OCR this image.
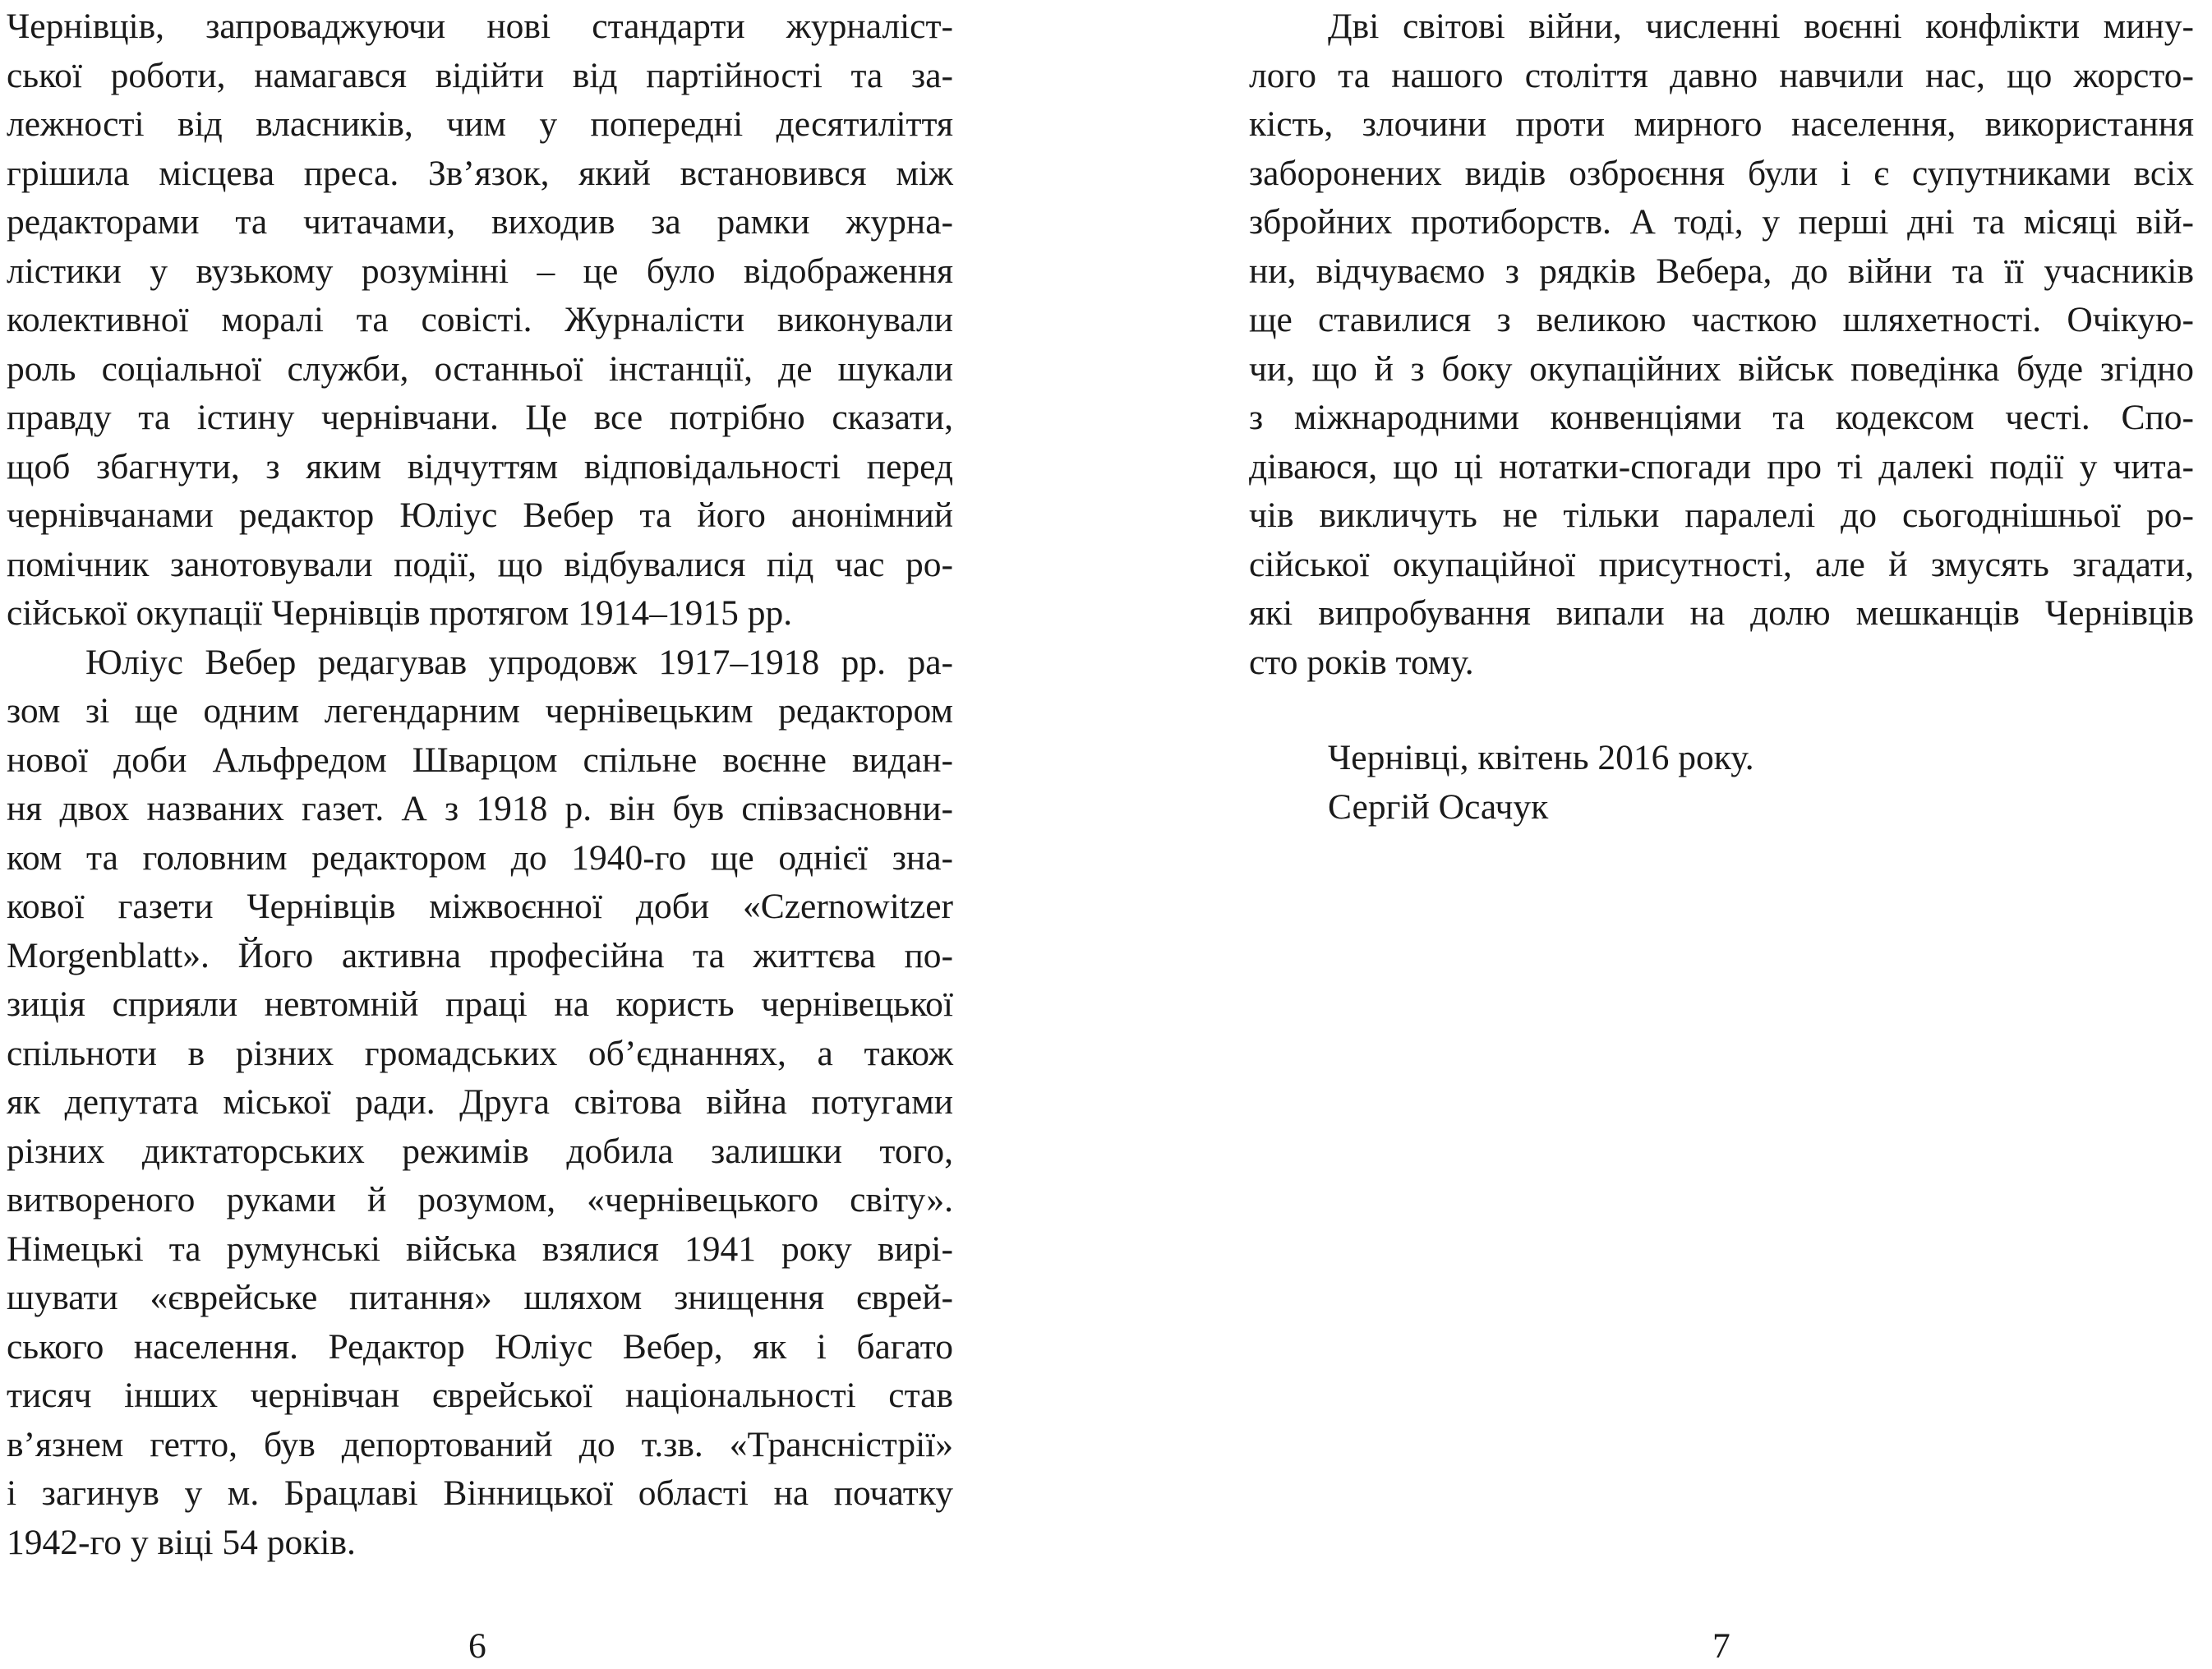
Чернівців, запроваджуючи нові стандарти журналіст-
ської роботи, намагався відійти від партійності та за-
лежності від власників, чим у попередні десятиліття
грішила місцева преса. Зв’язок, який встановився між
редакторами та читачами, виходив за рамки журна-
лістики у вузькому розумінні – це було відображення
колективної моралі та совісті. Журналісти виконували
роль соціальної служби, останньої інстанції, де шукали
правду та істину чернівчани. Це все потрібно сказати,
щоб збагнути, з яким відчуттям відповідальності перед
чернівчанами редактор Юліус Вебер та його анонімний
помічник занотовували події, що відбувалися під час ро-
сійської окупації Чернівців протягом 1914–1915 рр.
Юліус Вебер редагував упродовж 1917–1918 рр. ра-
зом зі ще одним легендарним чернівецьким редактором
нової доби Альфредом Шварцом спільне воєнне видан-
ня двох названих газет. А з 1918 р. він був співзасновни-
ком та головним редактором до 1940-го ще однієї зна-
кової газети Чернівців міжвоєнної доби «Czernowitzer
Morgenblatt». Його активна професійна та життєва по-
зиція сприяли невтомній праці на користь чернівецької
спільноти в різних громадських об’єднаннях, а також
як депутата міської ради. Друга світова війна потугами
різних диктаторських режимів добила залишки того,
витвореного руками й розумом, «чернівецького світу».
Німецькі та румунські війська взялися 1941 року вирі-
шувати «єврейське питання» шляхом знищення єврей-
ського населення. Редактор Юліус Вебер, як і багато
тисяч інших чернівчан єврейської національності став
в’язнем гетто, був депортований до т.зв. «Трансністрії»
і загинув у м. Брацлаві Вінницької області на початку
1942-го у віці 54 років.
6
Дві світові війни, численні воєнні конфлікти мину-
лого та нашого століття давно навчили нас, що жорсто-
кість, злочини проти мирного населення, використання
заборонених видів озброєння були і є супутниками всіх
збройних протиборств. А тоді, у перші дні та місяці вій-
ни, відчуваємо з рядків Вебера, до війни та її учасників
ще ставилися з великою часткою шляхетності. Очікую-
чи, що й з боку окупаційних військ поведінка буде згідно
з міжнародними конвенціями та кодексом честі. Спо-
діваюся, що ці нотатки-спогади про ті далекі події у чита-
чів викличуть не тільки паралелі до сьогоднішньої ро-
сійської окупаційної присутності, але й змусять згадати,
які випробування випали на долю мешканців Чернівців
сто років тому.
Чернівці, квітень 2016 року.
Сергій Осачук
7
